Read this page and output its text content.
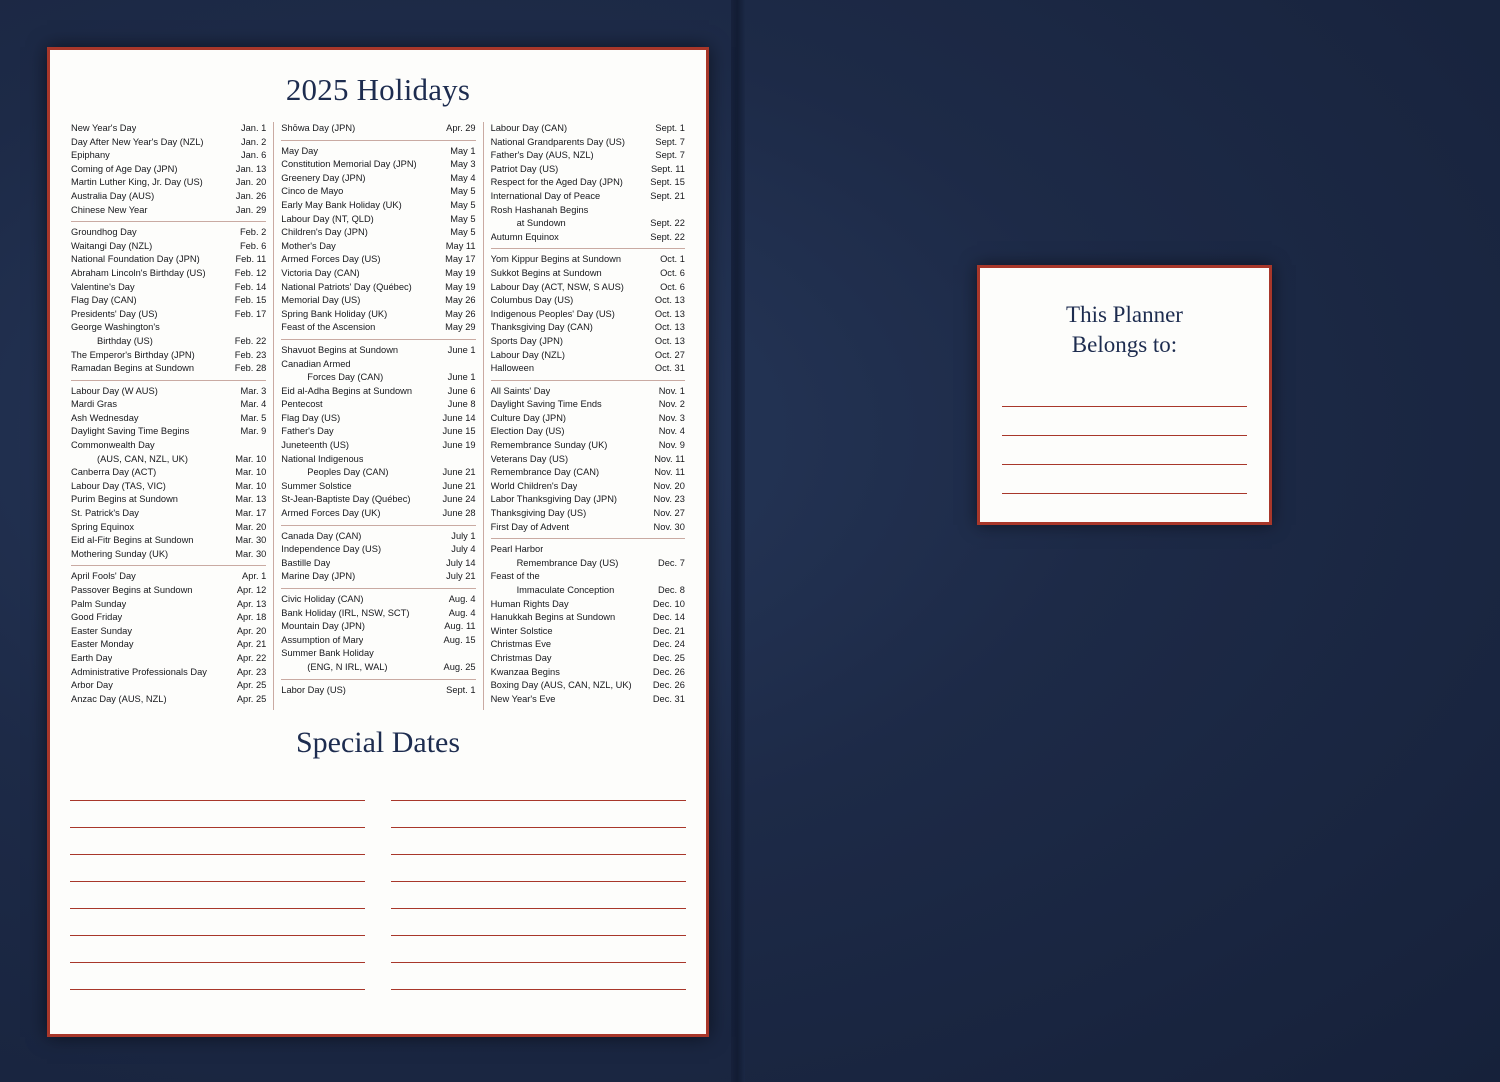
2025 Holidays
New Year's Day	Jan. 1
Day After New Year's Day (NZL)	Jan. 2
Epiphany	Jan. 6
Coming of Age Day (JPN)	Jan. 13
Martin Luther King, Jr. Day (US)	Jan. 20
Australia Day (AUS)	Jan. 26
Chinese New Year	Jan. 29
Groundhog Day	Feb. 2
Waitangi Day (NZL)	Feb. 6
National Foundation Day (JPN)	Feb. 11
Abraham Lincoln's Birthday (US)	Feb. 12
Valentine's Day	Feb. 14
Flag Day (CAN)	Feb. 15
Presidents' Day (US)	Feb. 17
George Washington's
Birthday (US)	Feb. 22
The Emperor's Birthday (JPN)	Feb. 23
Ramadan Begins at Sundown	Feb. 28
Labour Day (W AUS)	Mar. 3
Mardi Gras	Mar. 4
Ash Wednesday	Mar. 5
Daylight Saving Time Begins	Mar. 9
Commonwealth Day
(AUS, CAN, NZL, UK)	Mar. 10
Canberra Day (ACT)	Mar. 10
Labour Day (TAS, VIC)	Mar. 10
Purim Begins at Sundown	Mar. 13
St. Patrick's Day	Mar. 17
Spring Equinox	Mar. 20
Eid al-Fitr Begins at Sundown	Mar. 30
Mothering Sunday (UK)	Mar. 30
April Fools' Day	Apr. 1
Passover Begins at Sundown	Apr. 12
Palm Sunday	Apr. 13
Good Friday	Apr. 18
Easter Sunday	Apr. 20
Easter Monday	Apr. 21
Earth Day	Apr. 22
Administrative Professionals Day	Apr. 23
Arbor Day	Apr. 25
Anzac Day (AUS, NZL)	Apr. 25
Shōwa Day (JPN)	Apr. 29
May Day	May 1
Constitution Memorial Day (JPN)	May 3
Greenery Day (JPN)	May 4
Cinco de Mayo	May 5
Early May Bank Holiday (UK)	May 5
Labour Day (NT, QLD)	May 5
Children's Day (JPN)	May 5
Mother's Day	May 11
Armed Forces Day (US)	May 17
Victoria Day (CAN)	May 19
National Patriots' Day (Québec)	May 19
Memorial Day (US)	May 26
Spring Bank Holiday (UK)	May 26
Feast of the Ascension	May 29
Shavuot Begins at Sundown	June 1
Canadian Armed
Forces Day (CAN)	June 1
Eid al-Adha Begins at Sundown	June 6
Pentecost	June 8
Flag Day (US)	June 14
Father's Day	June 15
Juneteenth (US)	June 19
National Indigenous
Peoples Day (CAN)	June 21
Summer Solstice	June 21
St-Jean-Baptiste Day (Québec)	June 24
Armed Forces Day (UK)	June 28
Canada Day (CAN)	July 1
Independence Day (US)	July 4
Bastille Day	July 14
Marine Day (JPN)	July 21
Civic Holiday (CAN)	Aug. 4
Bank Holiday (IRL, NSW, SCT)	Aug. 4
Mountain Day (JPN)	Aug. 11
Assumption of Mary	Aug. 15
Summer Bank Holiday
(ENG, N IRL, WAL)	Aug. 25
Labor Day (US)	Sept. 1
Labour Day (CAN)	Sept. 1
National Grandparents Day (US)	Sept. 7
Father's Day (AUS, NZL)	Sept. 7
Patriot Day (US)	Sept. 11
Respect for the Aged Day (JPN)	Sept. 15
International Day of Peace	Sept. 21
Rosh Hashanah Begins
at Sundown	Sept. 22
Autumn Equinox	Sept. 22
Yom Kippur Begins at Sundown	Oct. 1
Sukkot Begins at Sundown	Oct. 6
Labour Day (ACT, NSW, S AUS)	Oct. 6
Columbus Day (US)	Oct. 13
Indigenous Peoples' Day (US)	Oct. 13
Thanksgiving Day (CAN)	Oct. 13
Sports Day (JPN)	Oct. 13
Labour Day (NZL)	Oct. 27
Halloween	Oct. 31
All Saints' Day	Nov. 1
Daylight Saving Time Ends	Nov. 2
Culture Day (JPN)	Nov. 3
Election Day (US)	Nov. 4
Remembrance Sunday (UK)	Nov. 9
Veterans Day (US)	Nov. 11
Remembrance Day (CAN)	Nov. 11
World Children's Day	Nov. 20
Labor Thanksgiving Day (JPN)	Nov. 23
Thanksgiving Day (US)	Nov. 27
First Day of Advent	Nov. 30
Pearl Harbor
Remembrance Day (US)	Dec. 7
Feast of the
Immaculate Conception	Dec. 8
Human Rights Day	Dec. 10
Hanukkah Begins at Sundown	Dec. 14
Winter Solstice	Dec. 21
Christmas Eve	Dec. 24
Christmas Day	Dec. 25
Kwanzaa Begins	Dec. 26
Boxing Day (AUS, CAN, NZL, UK)	Dec. 26
New Year's Eve	Dec. 31
Special Dates
This Planner
Belongs to:
